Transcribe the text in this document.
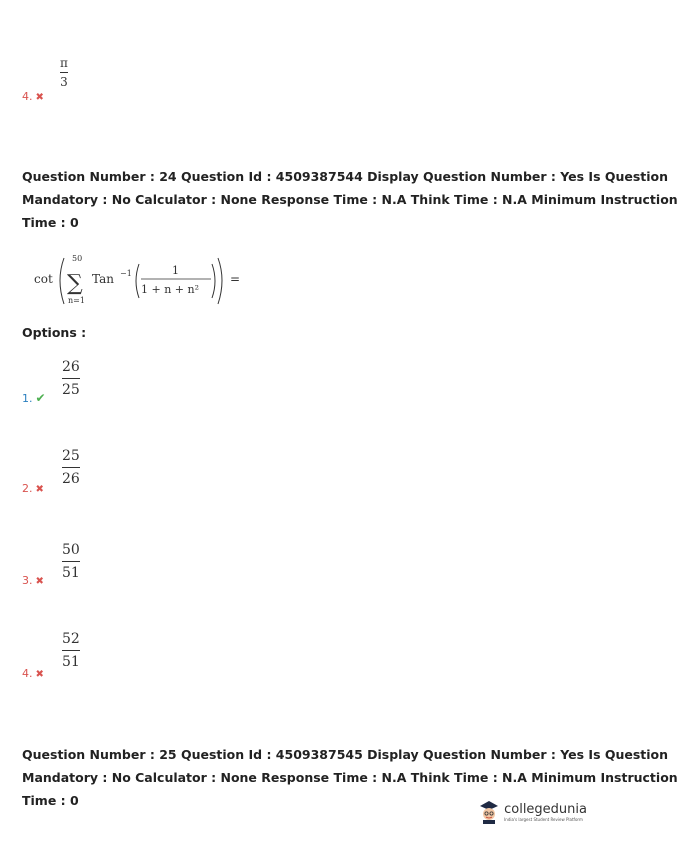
π
3
4. ✖
Question Number : 24 Question Id : 4509387544 Display Question Number : Yes Is Question
Mandatory : No Calculator : None Response Time : N.A Think Time : N.A Minimum Instruction
Time : 0
cot
50
∑
n=1
Tan −1	1
1 + n + n²
=
Options :
26
25
1. ✔
25
26
2. ✖
50
51
3. ✖
52
51
4. ✖
Question Number : 25 Question Id : 4509387545 Display Question Number : Yes Is Question
Mandatory : No Calculator : None Response Time : N.A Think Time : N.A Minimum Instruction
Time : 0
collegedunia
India's largest Student Review Platform
